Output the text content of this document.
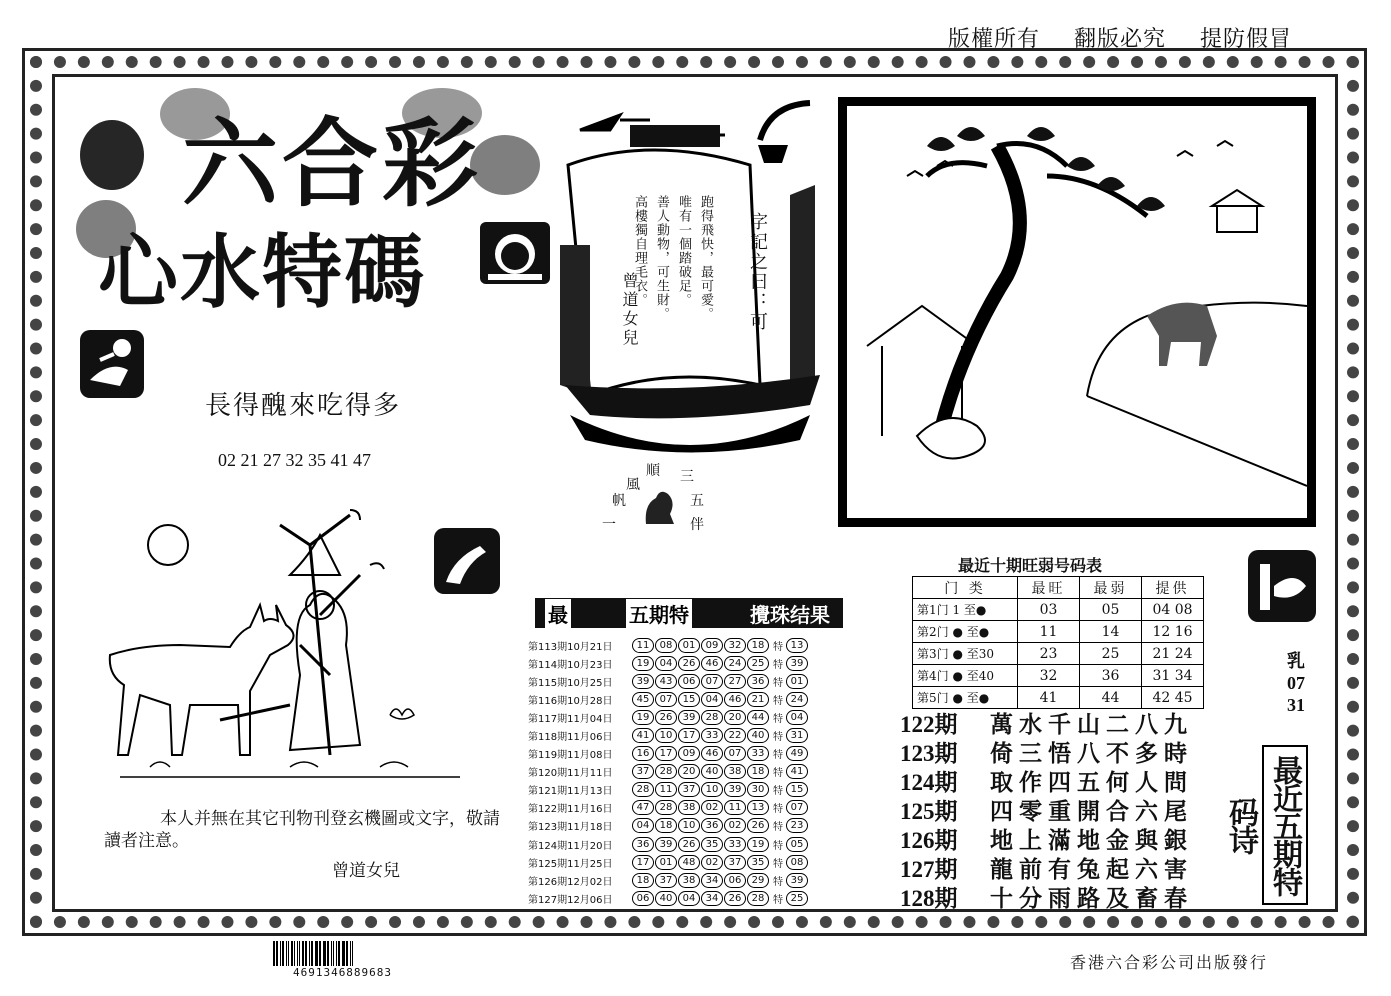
版權所有 翻版必究 提防假冒
六合彩
心水特碼
長得醜來吃得多
02 21 27 32 35 41 47
本人并無在其它刊物刊登玄機圖或文字，敬請讀者注意。
曾道女兒
字記之曰：可
跑得飛快，最可愛。
唯有一個踏破足。
善人動物，可生財。
高樓獨自理毛衣。
曾道女兒
三
順
風
帆	五
一	伴
最近十期旺弱号码表
门 类	最旺	最弱	提供
第1门 1 至●	03	05	04 08
第2门 ● 至●	11	14	12 16
第3门 ● 至30	23	25	21 24
第4门 ● 至40	32	36	31 34
第5门 ● 至●	41	44	42 45
122期	萬水千山二八九
123期	倚三悟八不多時
124期	取作四五何人問
125期	四零重開合六尾
126期	地上滿地金與銀
127期	龍前有兔起六害
128期	十分雨路及畜春
乳
07
31
最近五期特码诗
最	五期特	攪珠结果
第113期10月21日	11	08	01	09	32	18 特 13
第114期10月23日	19	04	26	46	24	25 特 39
第115期10月25日	39	43	06	07	27	36 特 01
第116期10月28日	45	07	15	04	46	21 特 24
第117期11月04日	19	26	39	28	20	44 特 04
第118期11月06日	41	10	17	33	22	40 特 31
第119期11月08日	16	17	09	46	07	33 特 49
第120期11月11日	37	28	20	40	38	18 特 41
第121期11月13日	28	11	37	10	39	30 特 15
第122期11月16日	47	28	38	02	11	13 特 07
第123期11月18日	04	18	10	36	02	26 特 23
第124期11月20日	36	39	26	35	33	19 特 05
第125期11月25日	17	01	48	02	37	35 特 08
第126期12月02日	18	37	38	34	06	29 特 39
第127期12月06日	06	40	04	34	26	28 特 25
4691346889683
香港六合彩公司出版發行
